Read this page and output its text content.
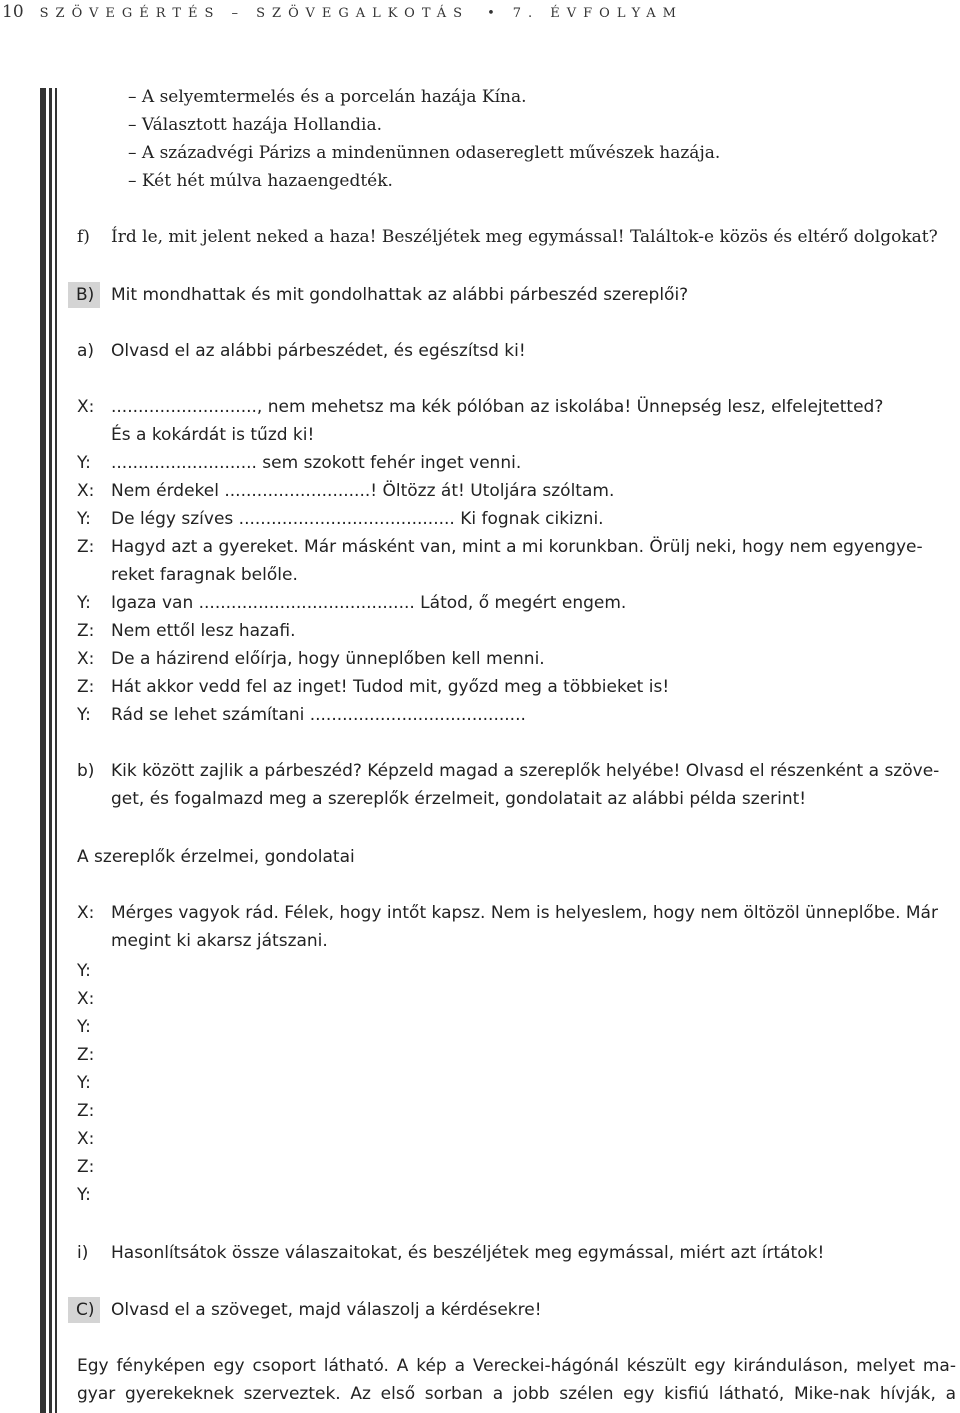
10 SZÖVEGÉRTÉS – SZÖVEGALKOTÁS • 7. ÉVFOLYAM
– A selyemtermelés és a porcelán hazája Kína.
– Választott hazája Hollandia.
– A századvégi Párizs a mindenünnen odasereglett művészek hazája.
– Két hét múlva hazaengedték.
f) Írd le, mit jelent neked a haza! Beszéljétek meg egymással! Találtok-e közös és eltérő dolgokat?
B) Mit mondhattak és mit gondolhattak az alábbi párbeszéd szereplői?
a) Olvasd el az alábbi párbeszédet, és egészítsd ki!
X: ..........................., nem mehetsz ma kék pólóban az iskolába! Ünnepség lesz, elfelejtetted?
És a kokárdát is tűzd ki!
Y: ........................... sem szokott fehér inget venni.
X: Nem érdekel ...........................! Öltözz át! Utoljára szóltam.
Y: De légy szíves ........................................ Ki fognak cikizni.
Z: Hagyd azt a gyereket. Már másként van, mint a mi korunkban. Örülj neki, hogy nem egyengye-
reket faragnak belőle.
Y: Igaza van ........................................ Látod, ő megért engem.
Z: Nem ettől lesz hazafi.
X: De a házirend előírja, hogy ünneplőben kell menni.
Z: Hát akkor vedd fel az inget! Tudod mit, győzd meg a többieket is!
Y: Rád se lehet számítani ........................................
b) Kik között zajlik a párbeszéd? Képzeld magad a szereplők helyébe! Olvasd el részenként a szöve-
get, és fogalmazd meg a szereplők érzelmeit, gondolatait az alábbi példa szerint!
A szereplők érzelmei, gondolatai
X: Mérges vagyok rád. Félek, hogy intőt kapsz. Nem is helyeslem, hogy nem öltözöl ünneplőbe. Már
megint ki akarsz játszani.
Y:
X:
Y:
Z:
Y:
Z:
X:
Z:
Y:
i) Hasonlítsátok össze válaszaitokat, és beszéljétek meg egymással, miért azt írtátok!
C) Olvasd el a szöveget, majd válaszolj a kérdésekre!
Egy fényképen egy csoport látható. A kép a Vereckei-hágónál készült egy kiránduláson, melyet ma-
gyar gyerekeknek szerveztek. Az első sorban a jobb szélen egy kisfiú látható, Mike-nak hívják, a
